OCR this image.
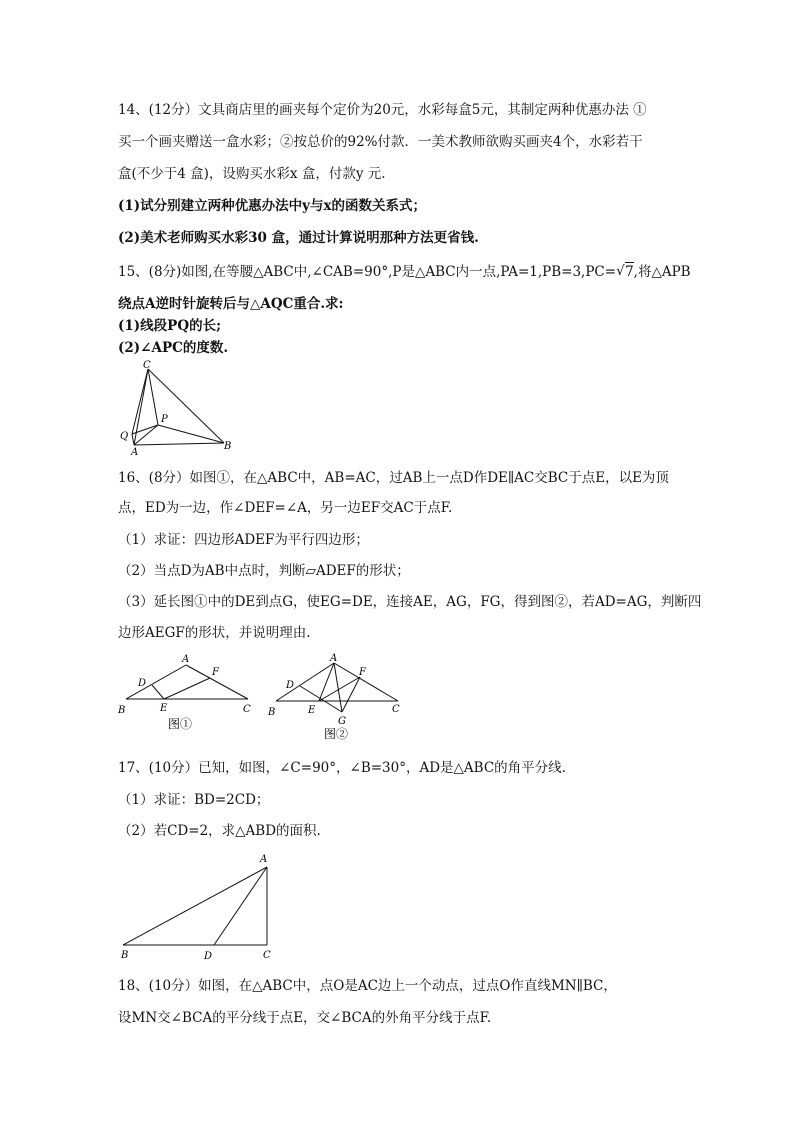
14、(12分）文具商店里的画夹每个定价为20元，水彩每盒5元，其制定两种优惠办法 ①
买一个画夹赠送一盒水彩；②按总价的92%付款．一美术教师欲购买画夹4个，水彩若干
盒(不少于4 盒)，设购买水彩x 盒，付款y 元.
(1)试分别建立两种优惠办法中y与x的函数关系式；
(2)美术老师购买水彩30 盒，通过计算说明那种方法更省钱.
15、(8分)如图,在等腰△ABC中,∠CAB=90°,P是△ABC内一点,PA=1,PB=3,PC= √ 7,将△APB
绕点A逆时针旋转后与△AQC重合.求:
(1)线段PQ的长;
(2)∠APC的度数.
C
P
Q
A
B
16、(8分）如图①，在△ABC中，AB=AC，过AB上一点D作DE∥AC交BC于点E，以E为顶
点，ED为一边，作∠DEF=∠A，另一边EF交AC于点F.
（1）求证：四边形ADEF为平行四边形；
（2）当点D为AB中点时，判断▱ADEF的形状；
（3）延长图①中的DE到点G，使EG=DE，连接AE，AG，FG，得到图②，若AD=AG，判断四
边形AEGF的形状，并说明理由.
A
D
F
B	E	C
图①
A
D
F
B	E	C
G
图②
17、(10分）已知，如图，∠C=90°，∠B=30°，AD是△ABC的角平分线.
（1）求证：BD=2CD；
（2）若CD=2，求△ABD的面积.
A
B	D	C
18、(10分）如图，在△ABC中，点O是AC边上一个动点，过点O作直线MN∥BC，
设MN交∠BCA的平分线于点E，交∠BCA的外角平分线于点F.
